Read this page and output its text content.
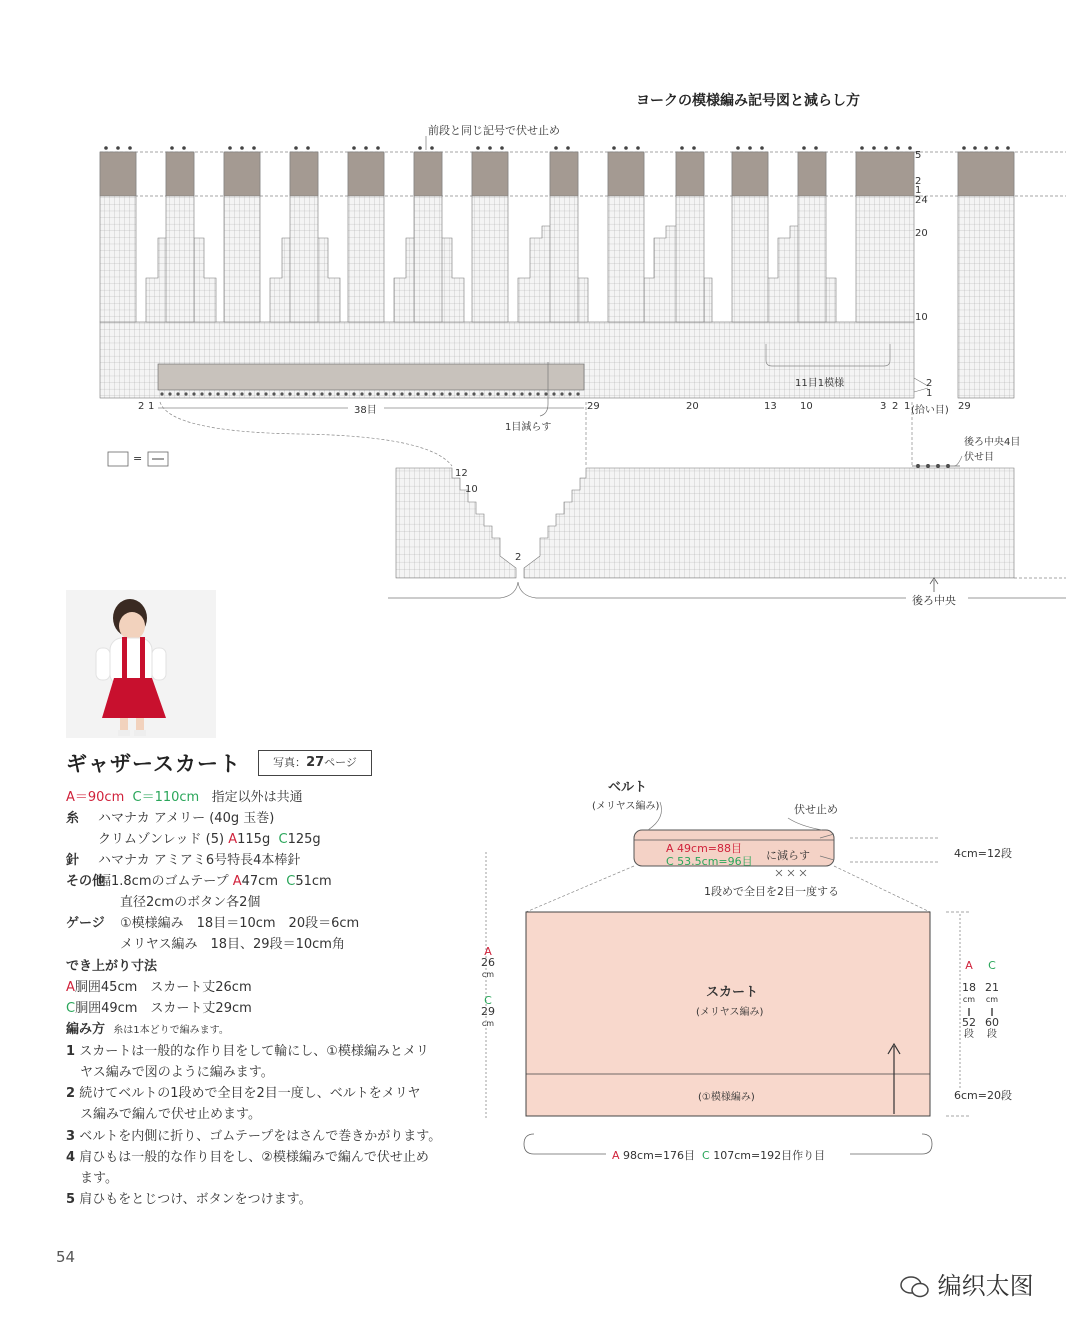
ヨークの模様編み記号図と減らし方
前段と同じ記号で伏せ止め
5
2
1
24
20
10
2
1
11目1模様
2 1	38目	29	20	13 10	3 2 1 (拾い目) 29
1目減らす
後ろ中央4目
伏せ目
12
10
2
後ろ中央
=
ギャザースカート	写真：27ページ
A＝90cm C＝110cm 指定以外は共通
糸 ハマナカ アメリー (40g 玉巻)
クリムゾンレッド (5) A115g C125g
針 ハマナカ アミアミ6号特長4本棒針
その他幅1.8cmのゴムテープ A47cm C51cm
直径2cmのボタン各2個
ゲージ ①模様編み　18目＝10cm　20段＝6cm
メリヤス編み　18目、29段＝10cm角
でき上がり寸法
A胴囲45cm　スカート丈26cm
C胴囲49cm　スカート丈29cm
編み方 糸は1本どりで編みます。
1 スカートは一般的な作り目をして輪にし、①模様編みとメリ
ヤス編みで図のように編みます。
2 続けてベルトの1段めで全目を2目一度し、ベルトをメリヤ
ス編みで編んで伏せ止めます。
3 ベルトを内側に折り、ゴムテープをはさんで巻きかがります。
4 肩ひもは一般的な作り目をし、②模様編みで編んで伏せ止め
ます。
5 肩ひもをとじつけ、ボタンをつけます。
ベルト
(メリヤス編み)	伏せ止め
A 49cm=88目
C 53.5cm=96目 に減らす	4cm=12段
1段めで全目を2目一度する
スカート
(メリヤス編み)
(①模様編み)
A
26
cm
C
29
cm
A

18
cm
‖
52
段
C

21
cm
‖
60
段
6cm=20段
A 98cm=176目 C 107cm=192目作り目
54
编织太图
